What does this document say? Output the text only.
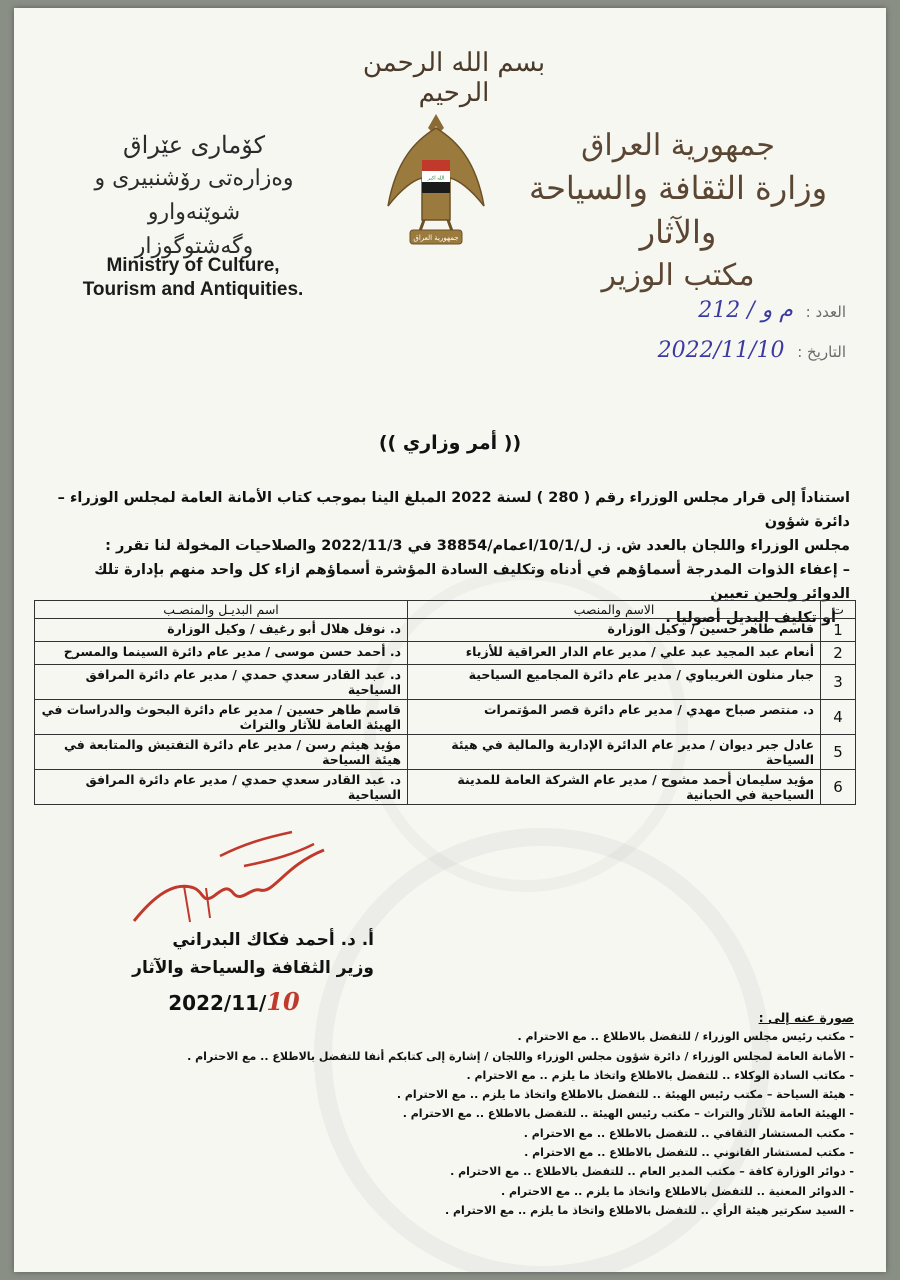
بسم الله الرحمن الرحيم
جمهورية العراق
وزارة الثقافة والسياحة والآثار
مكتب الوزير
الله اكبر
جمهورية العراق
كۆماری عێراق
وەزارەتی رۆشنبیری و شوێنەوارو
وگەشتوگوزار
Ministry of Culture,
Tourism and Antiquities.
العدد : م و / 212
التاريخ : 2022/11/10
(( أمر وزاري ))

استناداً إلى قرار مجلس الوزراء رقم ( 280 ) لسنة 2022 المبلغ الينا بموجب كتاب الأمانة العامة لمجلس الوزراء – دائرة شؤون

مجلس الوزراء واللجان بالعدد ش. ز. ل/10/1/اعمام/38854 في 2022/11/3 والصلاحيات المخولة لنا تقرر :

– إعفاء الذوات المدرجة أسماؤهم في أدناه وتكليف السادة المؤشرة أسماؤهم ازاء كل واحد منهم بإدارة تلك الدوائر ولحين تعيين

أو تكليف البديل أصوليا .

ت	الاسم والمنصب	اسم البديـل والمنصـب
1	قاسم طاهر حسين / وكيل الوزارة	د. نوفل هلال أبو رغيف / وكيل الوزارة
2	أنعام عبد المجيد عبد علي / مدير عام الدار العراقية للأزياء	د. أحمد حسن موسى / مدير عام دائرة السينما والمسرح
3	جبار منلون الغريباوي / مدير عام دائرة المجاميع السياحية	د. عبد القادر سعدي حمدي / مدير عام دائرة المرافق السياحية
4	د. منتصر صباح مهدي / مدير عام دائرة قصر المؤتمرات	قاسم طاهر حسين / مدير عام دائرة البحوث والدراسات في الهيئة العامة للآثار والتراث
5	عادل جبر ديوان / مدير عام الدائرة الإدارية والمالية في هيئة السياحة	مؤيد هيثم رسن / مدير عام دائرة التفتيش والمتابعة في هيئة السياحة
6	مؤيد سليمان أحمد مشوح / مدير عام الشركة العامة للمدينة السياحية في الحبانية	د. عبد القادر سعدي حمدي / مدير عام دائرة المرافق السياحية
أ. د. أحمد فكاك البدراني
وزير الثقافة والسياحة والآثار
2022/11/10
صورة عنه إلى :
- مكتب رئيس مجلس الوزراء / للتفضل بالاطلاع .. مع الاحترام .
- الأمانة العامة لمجلس الوزراء / دائرة شؤون مجلس الوزراء واللجان / إشارة إلى كتابكم أنفا للتفضل بالاطلاع .. مع الاحترام .
- مكاتب السادة الوكلاء .. للتفضل بالاطلاع واتخاذ ما يلزم .. مع الاحترام .
- هيئة السياحة – مكتب رئيس الهيئة .. للتفضل بالاطلاع واتخاذ ما يلزم .. مع الاحترام .
- الهيئة العامة للآثار والتراث – مكتب رئيس الهيئة .. للتفضل بالاطلاع .. مع الاحترام .
- مكتب المستشار الثقافي .. للتفضل بالاطلاع .. مع الاحترام .
- مكتب لمستشار القانوني .. للتفضل بالاطلاع .. مع الاحترام .
- دوائر الوزارة كافة – مكتب المدير العام .. للتفضل بالاطلاع .. مع الاحترام .
- الدوائر المعنية .. للتفضل بالاطلاع واتخاذ ما يلزم .. مع الاحترام .
- السيد سكرتير هيئة الرأي .. للتفضل بالاطلاع واتخاذ ما يلزم .. مع الاحترام .
